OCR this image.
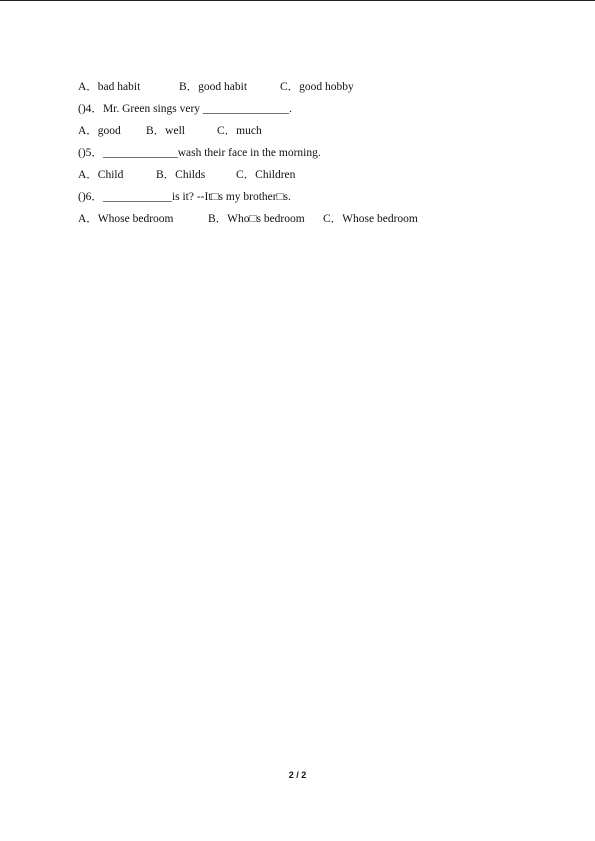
A．bad habit	B．good habit	C．good hobby
()4．Mr. Green sings very _______________.
A．good B．well	C．much
()5．_____________wash their face in the morning.
A．Child	B．Childs	C．Children
()6．____________is it? --It□s my brother□s.
A．Whose bedroom	B．Who□s bedroom C．Whose bedroom
2 / 2
